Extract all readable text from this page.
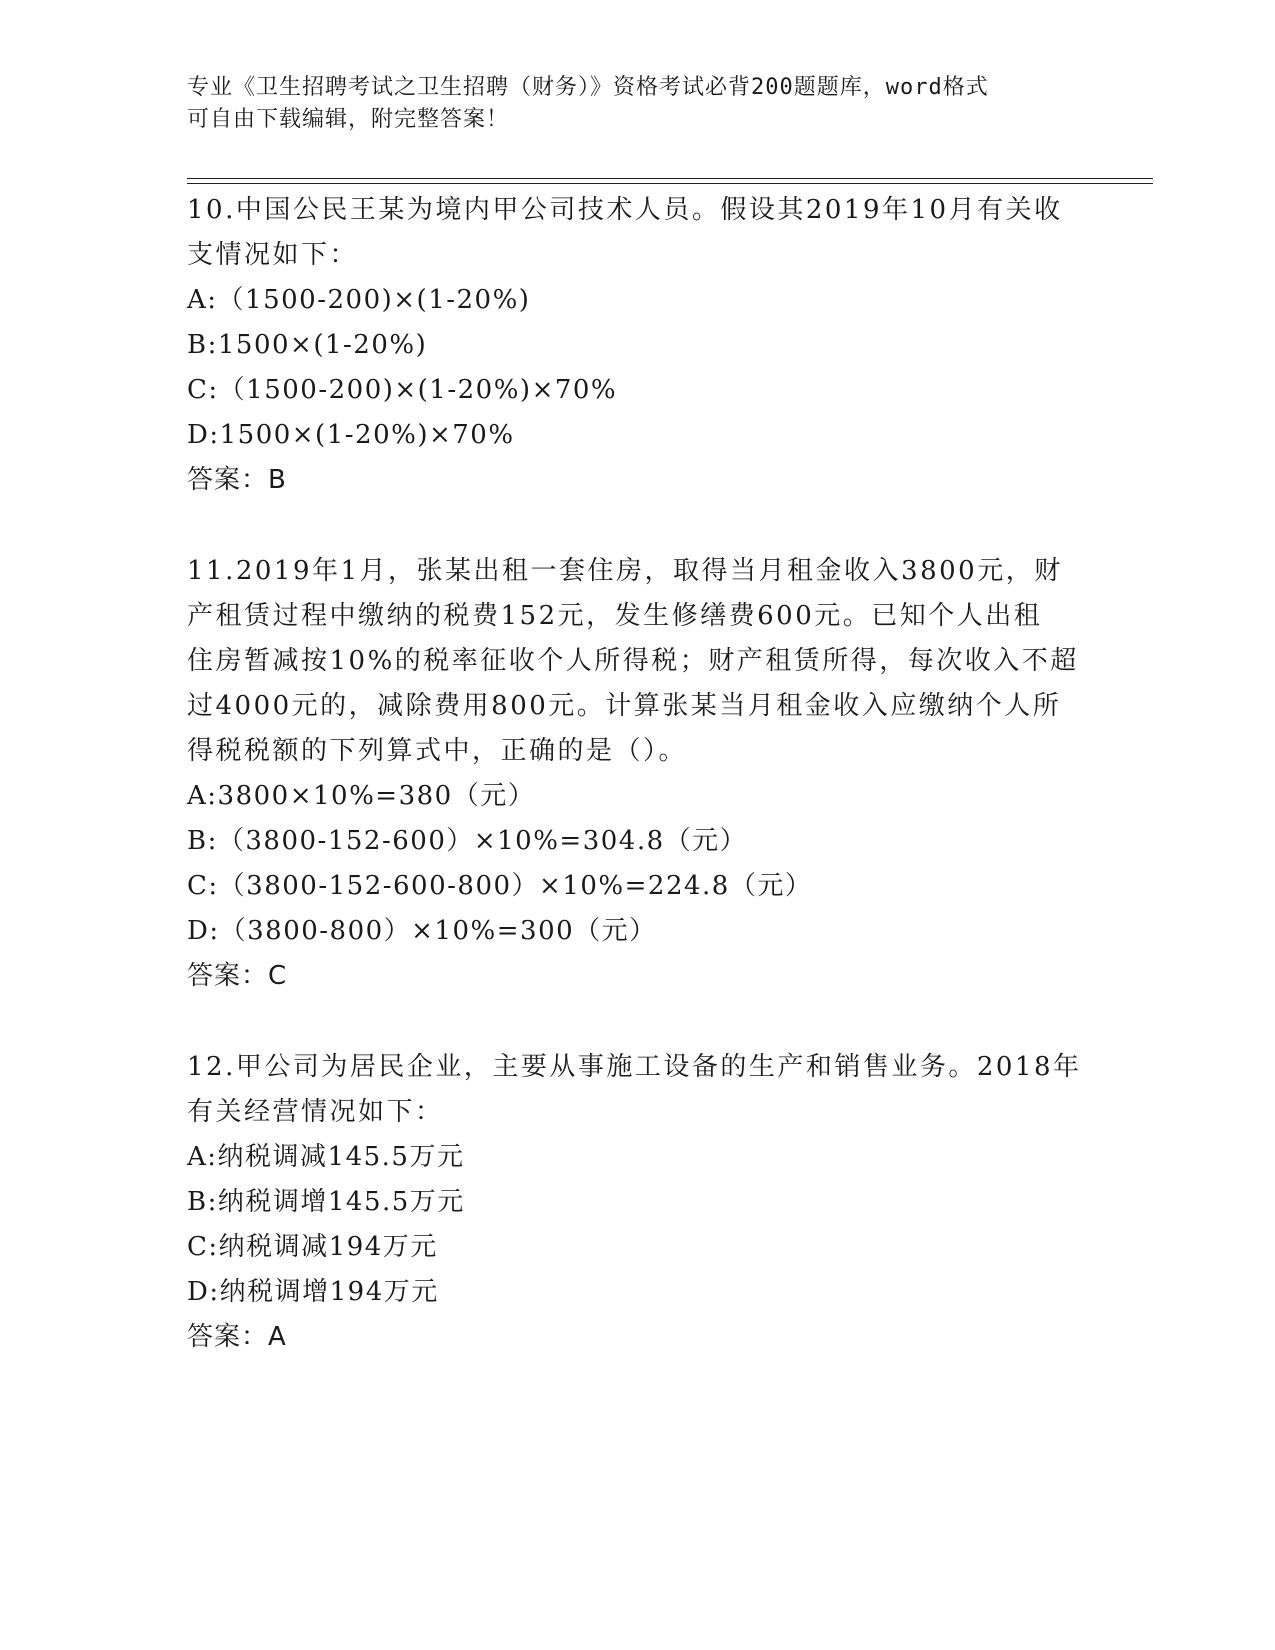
专业《卫生招聘考试之卫生招聘（财务）》资格考试必背200题题库，word格式
可自由下载编辑，附完整答案！
10.中国公民王某为境内甲公司技术人员。假设其2019年10月有关收
支情况如下：
A:（1500-200)×(1-20%)
B:1500×(1-20%)
C:（1500-200)×(1-20%)×70%
D:1500×(1-20%)×70%
答案：B
11.2019年1月，张某出租一套住房，取得当月租金收入3800元，财
产租赁过程中缴纳的税费152元，发生修缮费600元。已知个人出租
住房暂减按10%的税率征收个人所得税；财产租赁所得，每次收入不超
过4000元的，减除费用800元。计算张某当月租金收入应缴纳个人所
得税税额的下列算式中，正确的是（）。
A:3800×10%=380（元）
B:（3800-152-600）×10%=304.8（元）
C:（3800-152-600-800）×10%=224.8（元）
D:（3800-800）×10%=300（元）
答案：C
12.甲公司为居民企业，主要从事施工设备的生产和销售业务。2018年
有关经营情况如下：
A:纳税调减145.5万元
B:纳税调增145.5万元
C:纳税调减194万元
D:纳税调增194万元
答案：A
